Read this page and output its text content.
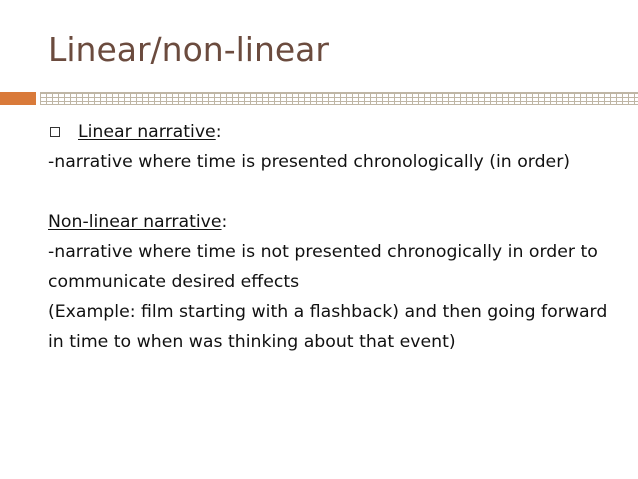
Linear/non-linear
Linear narrative :

-narrative where time is presented chronologically (in order)

Non-linear narrative:

-narrative where time is not presented chronogically in order to communicate desired effects

(Example: film starting with a flashback) and then going forward in time to when was thinking about that event)
